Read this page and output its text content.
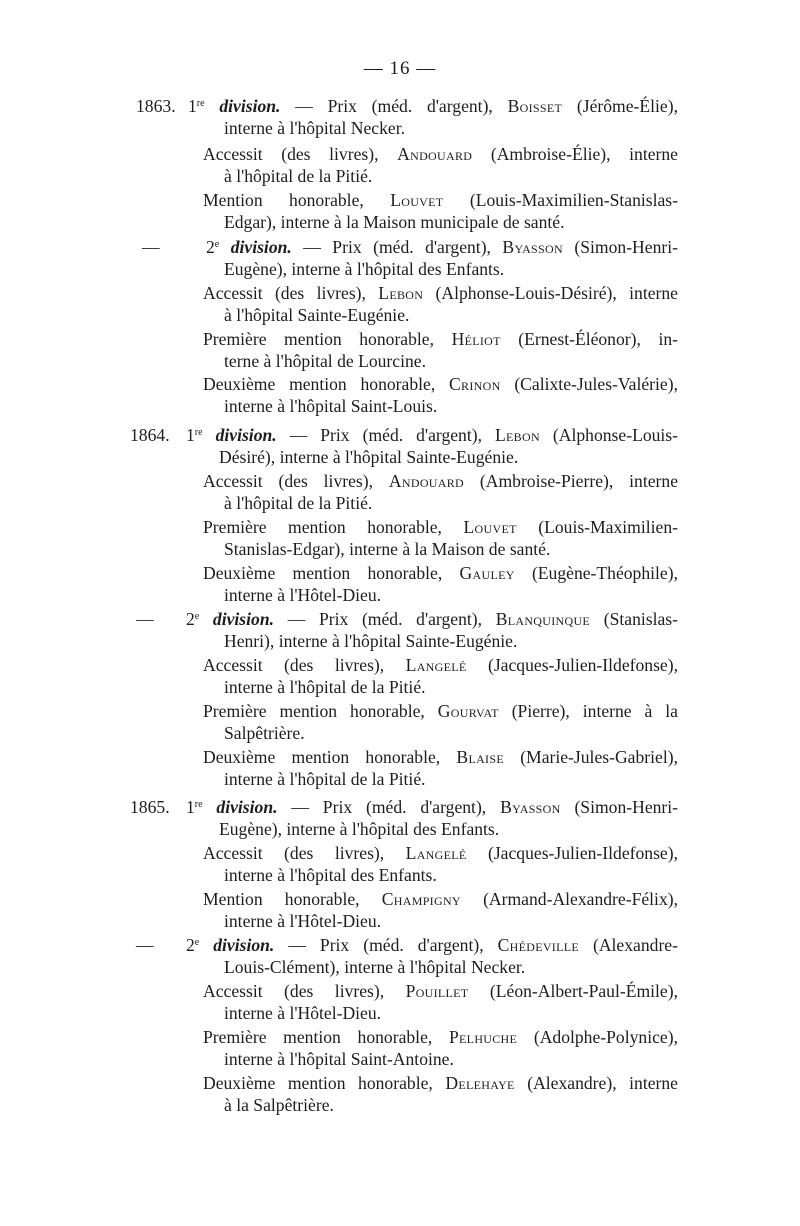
— 16 —
1863. 1re division. — Prix (méd. d'argent), Boisset (Jérôme-Élie),
interne à l'hôpital Necker.
Accessit (des livres), Andouard (Ambroise-Élie), interne
à l'hôpital de la Pitié.
Mention honorable, Louvet (Louis-Maximilien-Stanislas-
Edgar), interne à la Maison municipale de santé.
—	2e division. — Prix (méd. d'argent), Byasson (Simon-Henri-
Eugène), interne à l'hôpital des Enfants.
Accessit (des livres), Lebon (Alphonse-Louis-Désiré), interne
à l'hôpital Sainte-Eugénie.
Première mention honorable, Héliot (Ernest-Éléonor), in-
terne à l'hôpital de Lourcine.
Deuxième mention honorable, Crinon (Calixte-Jules-Valérie),
interne à l'hôpital Saint-Louis.
1864. 1re division. — Prix (méd. d'argent), Lebon (Alphonse-Louis-
Désiré), interne à l'hôpital Sainte-Eugénie.
Accessit (des livres), Andouard (Ambroise-Pierre), interne
à l'hôpital de la Pitié.
Première mention honorable, Louvet (Louis-Maximilien-
Stanislas-Edgar), interne à la Maison de santé.
Deuxième mention honorable, Gauley (Eugène-Théophile),
interne à l'Hôtel-Dieu.
— 2e division. — Prix (méd. d'argent), Blanquinque (Stanislas-
Henri), interne à l'hôpital Sainte-Eugénie.
Accessit (des livres), Langelé (Jacques-Julien-Ildefonse),
interne à l'hôpital de la Pitié.
Première mention honorable, Gourvat (Pierre), interne à la
Salpêtrière.
Deuxième mention honorable, Blaise (Marie-Jules-Gabriel),
interne à l'hôpital de la Pitié.
1865. 1re division. — Prix (méd. d'argent), Byasson (Simon-Henri-
Eugène), interne à l'hôpital des Enfants.
Accessit (des livres), Langelé (Jacques-Julien-Ildefonse),
interne à l'hôpital des Enfants.
Mention honorable, Champigny (Armand-Alexandre-Félix),
interne à l'Hôtel-Dieu.
— 2e division. — Prix (méd. d'argent), Chédeville (Alexandre-
Louis-Clément), interne à l'hôpital Necker.
Accessit (des livres), Pouillet (Léon-Albert-Paul-Émile),
interne à l'Hôtel-Dieu.
Première mention honorable, Pelhuche (Adolphe-Polynice),
interne à l'hôpital Saint-Antoine.
Deuxième mention honorable, Delehaye (Alexandre), interne
à la Salpêtrière.
